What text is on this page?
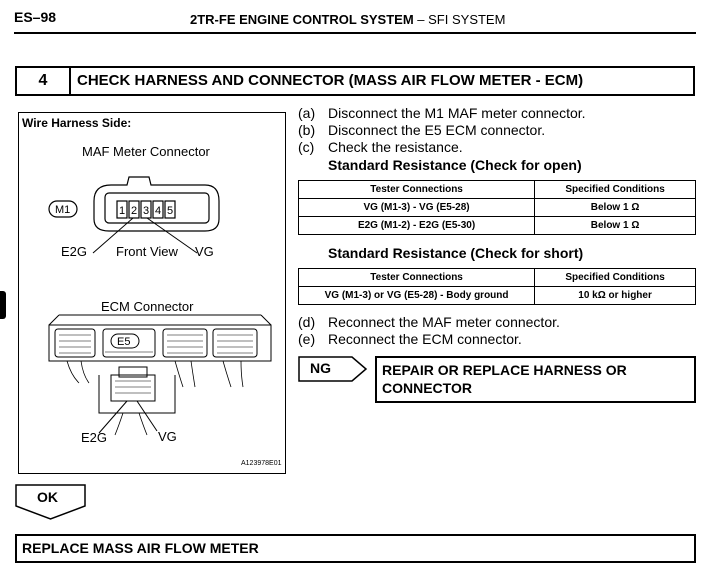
ES–98	2TR-FE ENGINE CONTROL SYSTEM – SFI SYSTEM
4	CHECK HARNESS AND CONNECTOR (MASS AIR FLOW METER - ECM)
M1	1 2 3 4 5
E5
Wire Harness Side:
MAF Meter Connector
E2G Front View VG
ECM Connector
E2G	VG
A123978E01
(a) Disconnect the M1 MAF meter connector.
(b) Disconnect the E5 ECM connector.
(c) Check the resistance.
Standard Resistance (Check for open)
Tester Connections	Specified Conditions
VG (M1-3) - VG (E5-28)	Below 1 Ω
E2G (M1-2) - E2G (E5-30)	Below 1 Ω
Standard Resistance (Check for short)
Tester Connections	Specified Conditions
VG (M1-3) or VG (E5-28) - Body ground	10 kΩ or higher
(d) Reconnect the MAF meter connector.
(e) Reconnect the ECM connector.
NG	REPAIR OR REPLACE HARNESS OR
CONNECTOR
OK
REPLACE MASS AIR FLOW METER
